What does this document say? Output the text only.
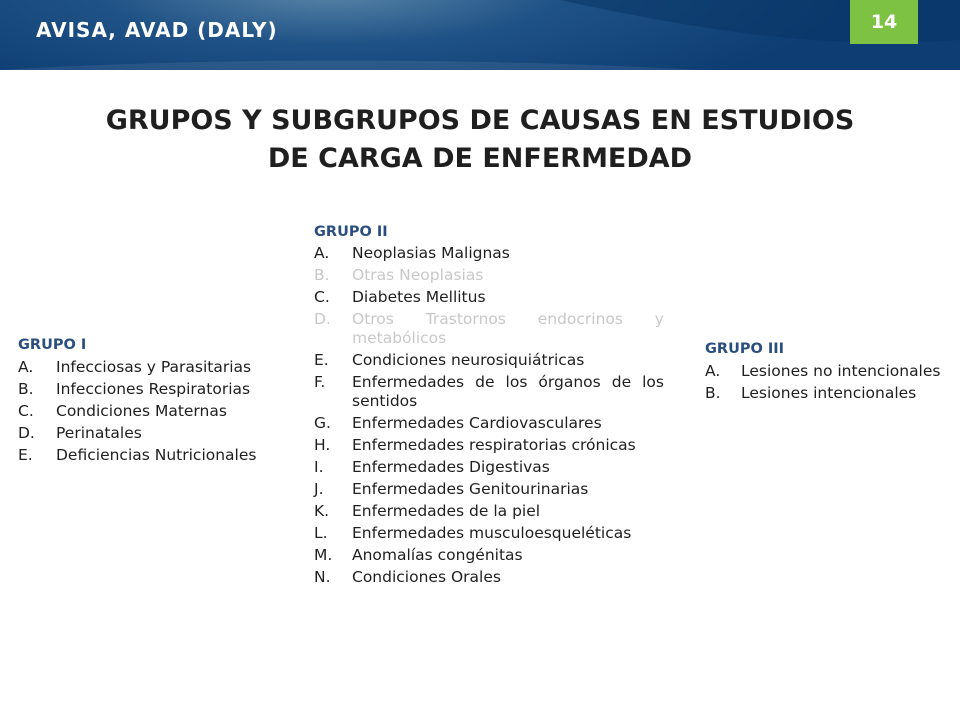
AVISA, AVAD (DALY)	14
GRUPOS Y SUBGRUPOS DE CAUSAS EN ESTUDIOS
DE CARGA DE ENFERMEDAD
GRUPO I
A.	Infecciosas y Parasitarias
B.	Infecciones Respiratorias
C.	Condiciones Maternas
D.	Perinatales
E.	Deficiencias Nutricionales
GRUPO II
A.	Neoplasias Malignas
B.	Otras Neoplasias
C.	Diabetes Mellitus
D.	Otros Trastornos endocrinos y metabólicos
E.	Condiciones neurosiquiátricas
F.	Enfermedades de los órganos de los sentidos
G.	Enfermedades Cardiovasculares
H.	Enfermedades respiratorias crónicas
I.	Enfermedades Digestivas
J.	Enfermedades Genitourinarias
K.	Enfermedades de la piel
L.	Enfermedades musculoesqueléticas
M.	Anomalías congénitas
N.	Condiciones Orales
GRUPO III
A.	Lesiones no intencionales
B.	Lesiones intencionales
